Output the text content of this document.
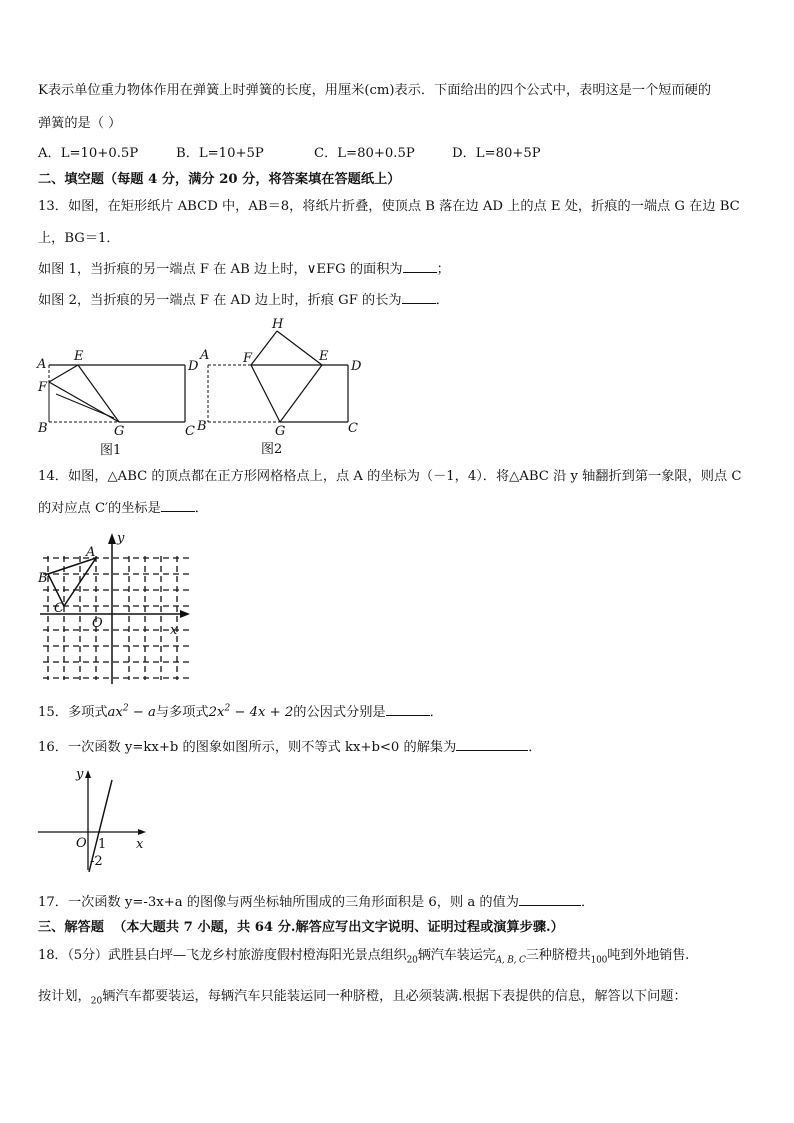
K表示单位重力物体作用在弹簧上时弹簧的长度，用厘米(cm)表示．下面给出的四个公式中，表明这是一个短而硬的
弹簧的是（ ）
A．L=10+0.5P	B．L=10+5P	C．L=80+0.5P	D．L=80+5P
二、填空题（每题 4 分，满分 20 分，将答案填在答题纸上）
13．如图，在矩形纸片 ABCD 中，AB＝8，将纸片折叠，使顶点 B 落在边 AD 上的点 E 处，折痕的一端点 G 在边 BC
上，BG＝1．
如图 1，当折痕的另一端点 F 在 AB 边上时，∨EFG 的面积为	；
如图 2，当折痕的另一端点 F 在 AD 边上时，折痕 GF 的长为	．
A
E
D
F
B	G	C
图1
H
A	F	E
D
B	G	C
图2
14．如图，△ABC 的顶点都在正方形网格格点上，点 A 的坐标为（－1，4）．将△ABC 沿 y 轴翻折到第一象限，则点 C
的对应点 C′的坐标是	．
A
B
C
O	x
y
15．多项式$ax^2 - a$与多项式$2x^2 - 4x + 2$的公因式分别是	．
16．一次函数 y=kx+b 的图象如图所示，则不等式 kx+b<0 的解集为	．
y
x
O 1
-2
17．一次函数 y=-3x+a 的图像与两坐标轴所围成的三角形面积是 6，则 a 的值为	．
三、解答题 （本大题共 7 小题，共 64 分.解答应写出文字说明、证明过程或演算步骤.）
18．（5分）武胜县白坪—飞龙乡村旅游度假村橙海阳光景点组织$_{20}$辆汽车装运完$_{A, B, C}$三种脐橙共$_{100}$吨到外地销售.
按计划，$_{20}$辆汽车都要装运，每辆汽车只能装运同一种脐橙，且必须装满.根据下表提供的信息，解答以下问题：
